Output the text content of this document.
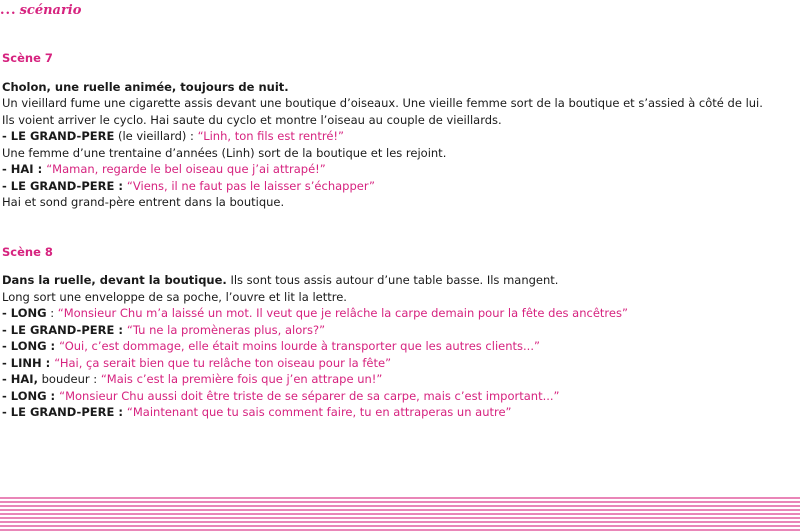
... scénario
Scène 7
Cholon, une ruelle animée, toujours de nuit.
Un vieillard fume une cigarette assis devant une boutique d’oiseaux. Une vieille femme sort de la boutique et s’assied à côté de lui.
Ils voient arriver le cyclo. Hai saute du cyclo et montre l’oiseau au couple de vieillards.
- LE GRAND-PERE (le vieillard) : “Linh, ton fils est rentré!”
Une femme d’une trentaine d’années (Linh) sort de la boutique et les rejoint.
- HAI : “Maman, regarde le bel oiseau que j’ai attrapé!”
- LE GRAND-PERE : “Viens, il ne faut pas le laisser s’échapper”
Hai et sond grand-père entrent dans la boutique.
Scène 8
Dans la ruelle, devant la boutique. Ils sont tous assis autour d’une table basse. Ils mangent.
Long sort une enveloppe de sa poche, l’ouvre et lit la lettre.
- LONG : “Monsieur Chu m’a laissé un mot. Il veut que je relâche la carpe demain pour la fête des ancêtres”
- LE GRAND-PERE : “Tu ne la promèneras plus, alors?”
- LONG : “Oui, c’est dommage, elle était moins lourde à transporter que les autres clients...”
- LINH : “Hai, ça serait bien que tu relâche ton oiseau pour la fête”
- HAI, boudeur : “Mais c’est la première fois que j’en attrape un!”
- LONG : “Monsieur Chu aussi doit être triste de se séparer de sa carpe, mais c’est important...”
- LE GRAND-PERE : “Maintenant que tu sais comment faire, tu en attraperas un autre”
